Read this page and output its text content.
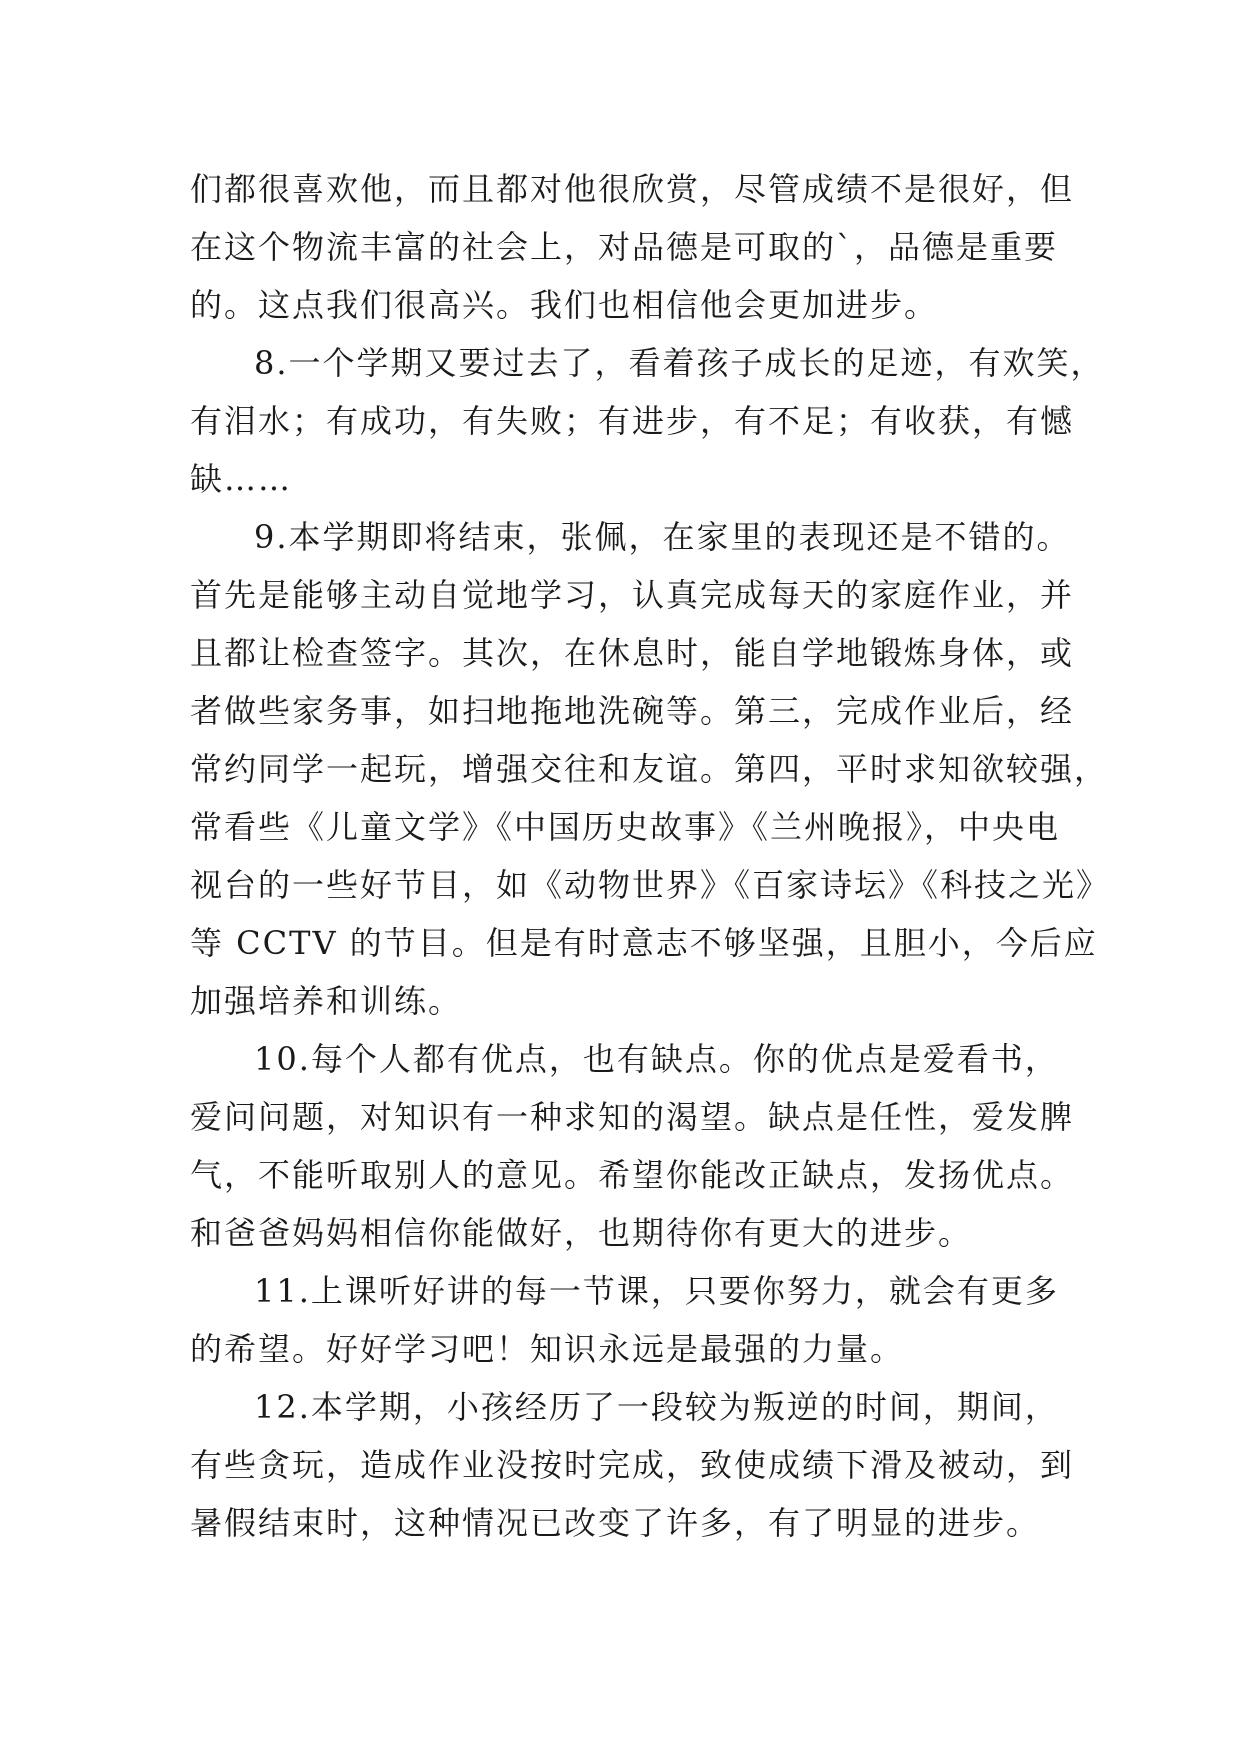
们都很喜欢他，而且都对他很欣赏，尽管成绩不是很好，但
在这个物流丰富的社会上，对品德是可取的`，品德是重要
的。这点我们很高兴。我们也相信他会更加进步。

8.一个学期又要过去了，看着孩子成长的足迹，有欢笑，
有泪水；有成功，有失败；有进步，有不足；有收获，有憾
缺……

9.本学期即将结束，张佩，在家里的表现还是不错的。
首先是能够主动自觉地学习，认真完成每天的家庭作业，并
且都让检查签字。其次，在休息时，能自学地锻炼身体，或
者做些家务事，如扫地拖地洗碗等。第三，完成作业后，经
常约同学一起玩，增强交往和友谊。第四，平时求知欲较强，
常看些《儿童文学》《中国历史故事》《兰州晚报》，中央电
视台的一些好节目，如《动物世界》《百家诗坛》《科技之光》
等 CCTV 的节目。但是有时意志不够坚强，且胆小，今后应
加强培养和训练。

10.每个人都有优点，也有缺点。你的优点是爱看书，
爱问问题，对知识有一种求知的渴望。缺点是任性，爱发脾
气，不能听取别人的意见。希望你能改正缺点，发扬优点。
和爸爸妈妈相信你能做好，也期待你有更大的进步。

11.上课听好讲的每一节课，只要你努力，就会有更多
的希望。好好学习吧！知识永远是最强的力量。

12.本学期，小孩经历了一段较为叛逆的时间，期间，
有些贪玩，造成作业没按时完成，致使成绩下滑及被动，到
暑假结束时，这种情况已改变了许多，有了明显的进步。
